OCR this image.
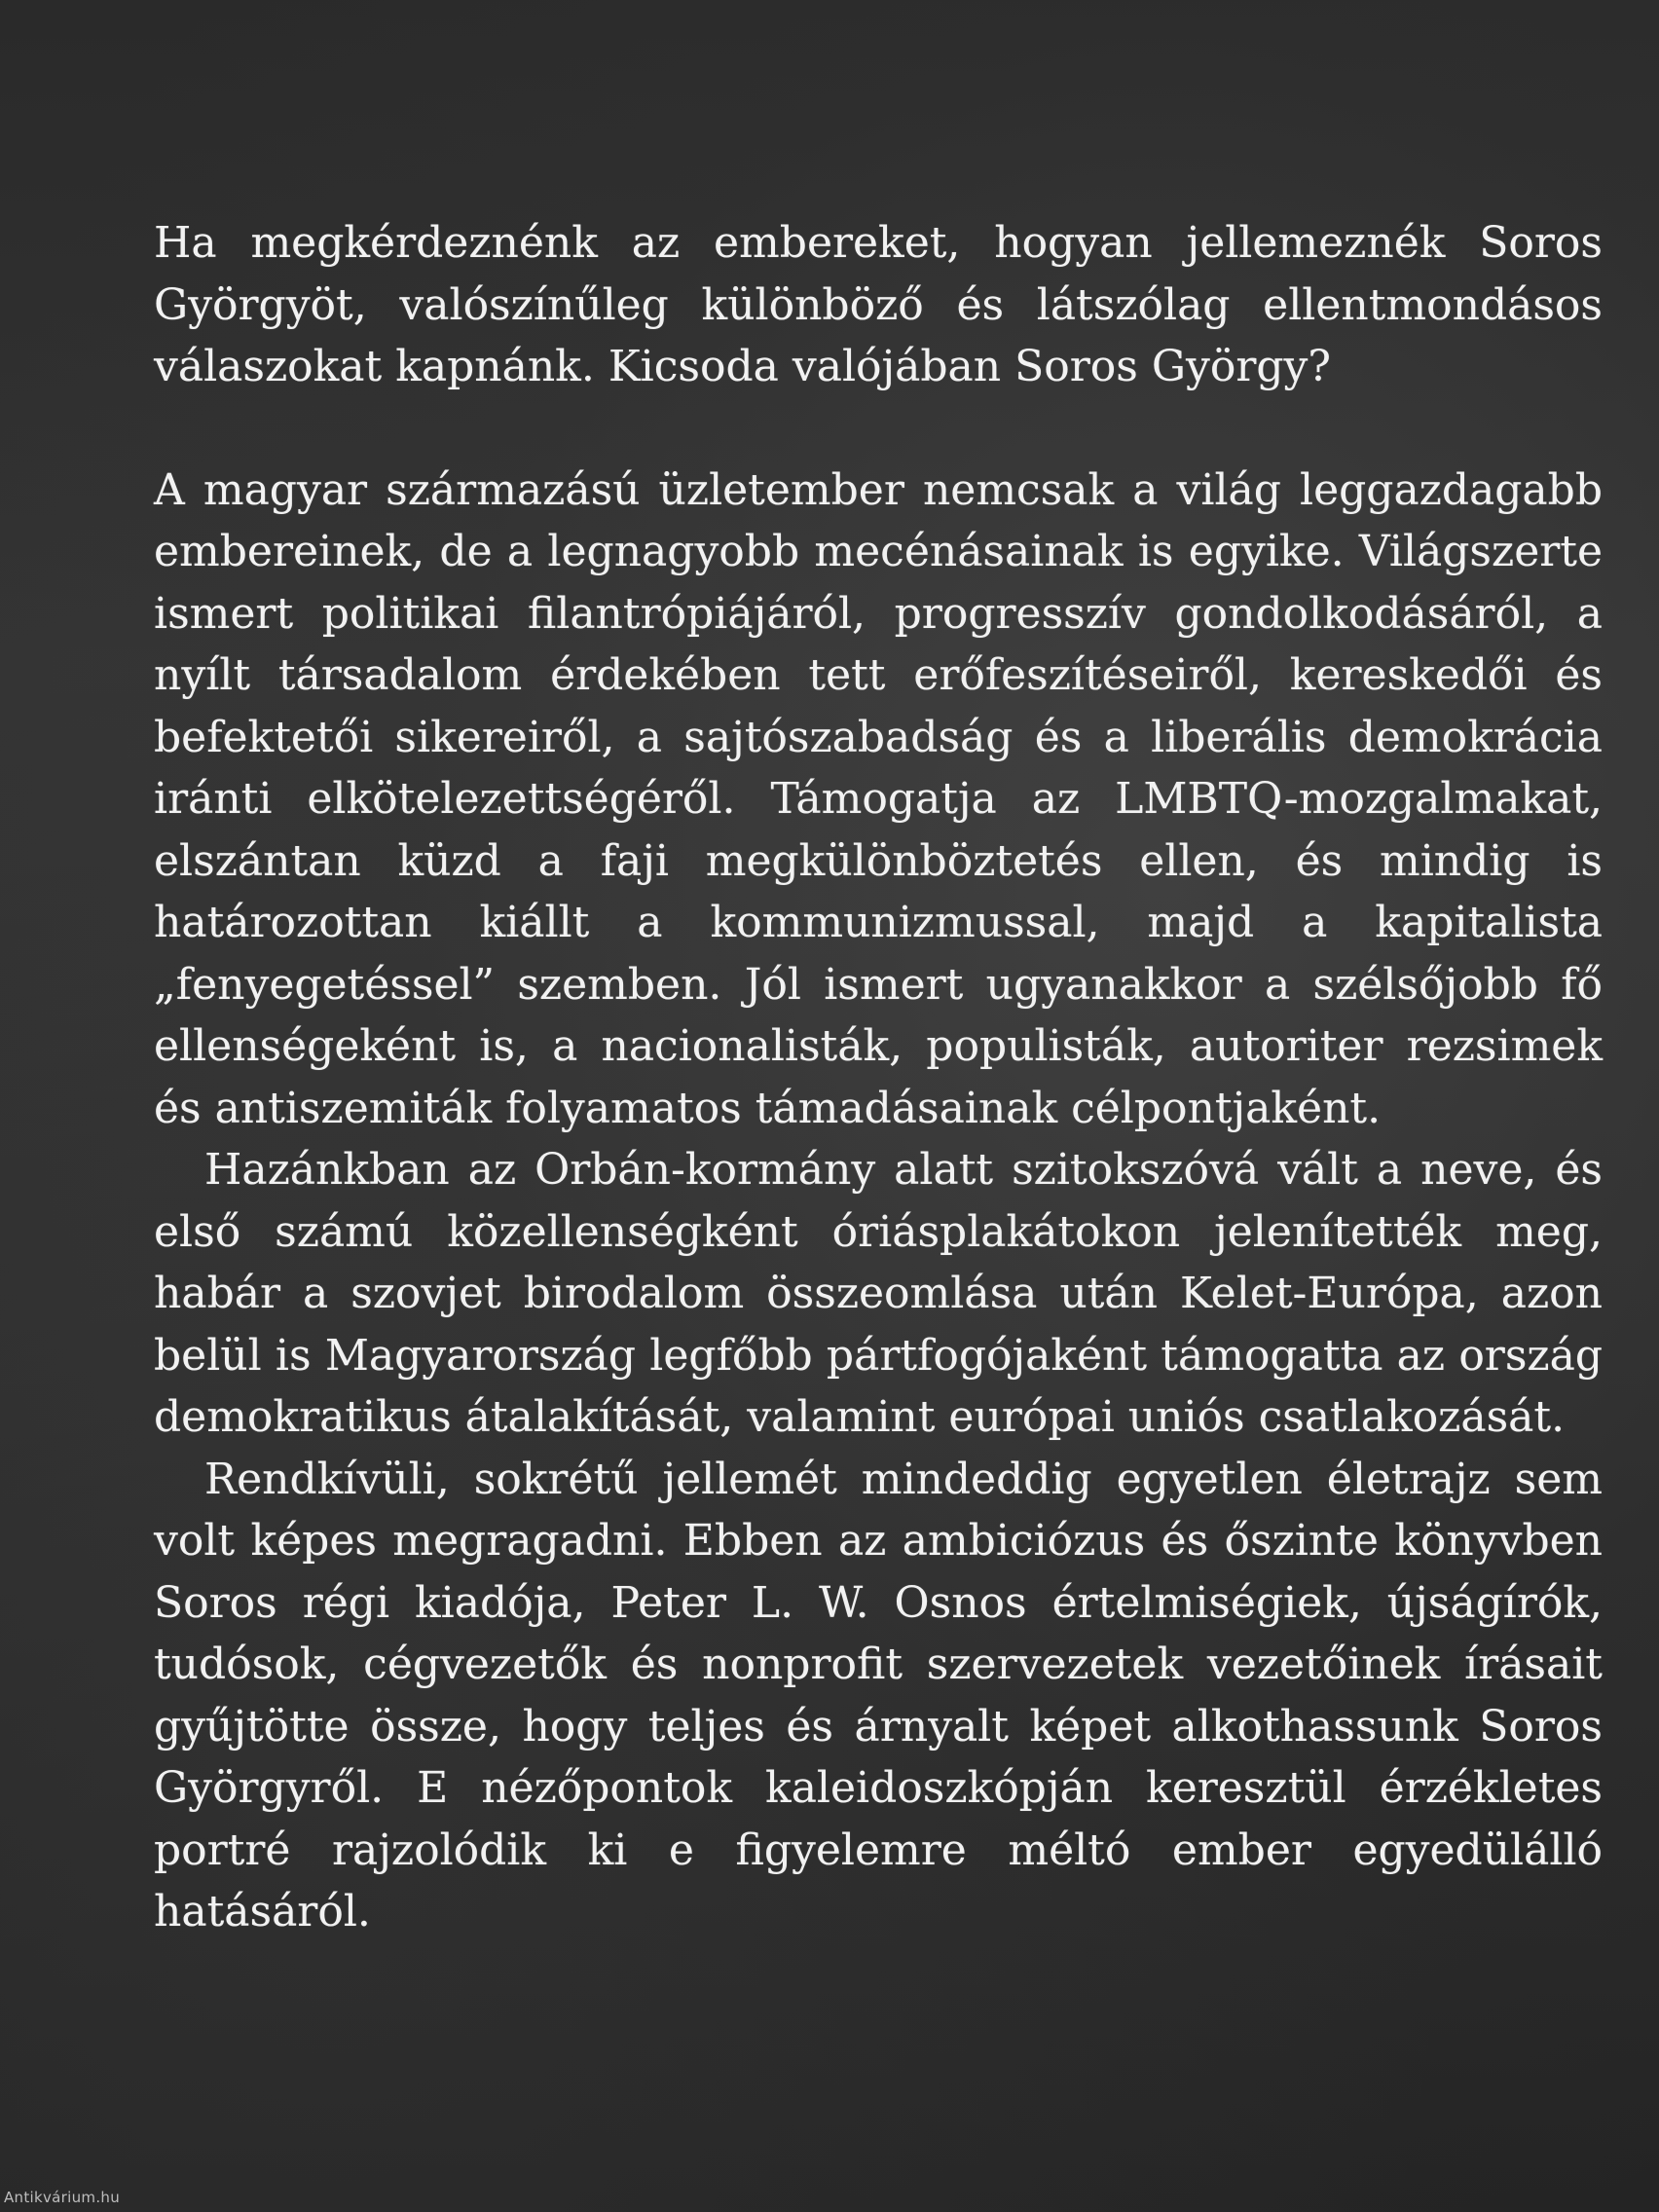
Ha megkérdeznénk az embereket, hogyan jellemeznék Soros Györgyöt, valószínűleg különböző és látszólag ellentmondásos válaszokat kapnánk. Kicsoda valójában Soros György?

A magyar származású üzletember nemcsak a világ leggazdagabb embereinek, de a legnagyobb mecénásainak is egyike. Világszerte ismert politikai filantrópiájáról, progresszív gondolkodásáról, a nyílt társadalom érdekében tett erőfeszítéseiről, kereskedői és befektetői sikereiről, a sajtószabadság és a liberális demokrácia iránti elkötelezettségéről. Támogatja az LMBTQ-mozgalmakat, elszántan küzd a faji megkülönböztetés ellen, és mindig is határozottan kiállt a kommunizmussal, majd a kapitalista „fenyegetéssel” szemben. Jól ismert ugyanakkor a szélsőjobb fő ellenségeként is, a nacionalisták, populisták, autoriter rezsimek és antiszemiták folyamatos támadásainak célpontjaként.

Hazánkban az Orbán-kormány alatt szitokszóvá vált a neve, és első számú közellenségként óriásplakátokon jelenítették meg, habár a szovjet birodalom összeomlása után Kelet-Európa, azon belül is Magyarország legfőbb pártfogójaként támogatta az ország demokratikus átalakítását, valamint európai uniós csatlakozását.

Rendkívüli, sokrétű jellemét mindeddig egyetlen életrajz sem volt képes megragadni. Ebben az ambiciózus és őszinte könyvben Soros régi kiadója, Peter L. W. Osnos értelmiségiek, újságírók, tudósok, cégvezetők és nonprofit szervezetek vezetőinek írásait gyűjtötte össze, hogy teljes és árnyalt képet alkothassunk Soros Györgyről. E nézőpontok kaleidoszkópján keresztül érzékletes portré rajzolódik ki e figyelemre méltó ember egyedülálló hatásáról.

Antikvárium.hu
